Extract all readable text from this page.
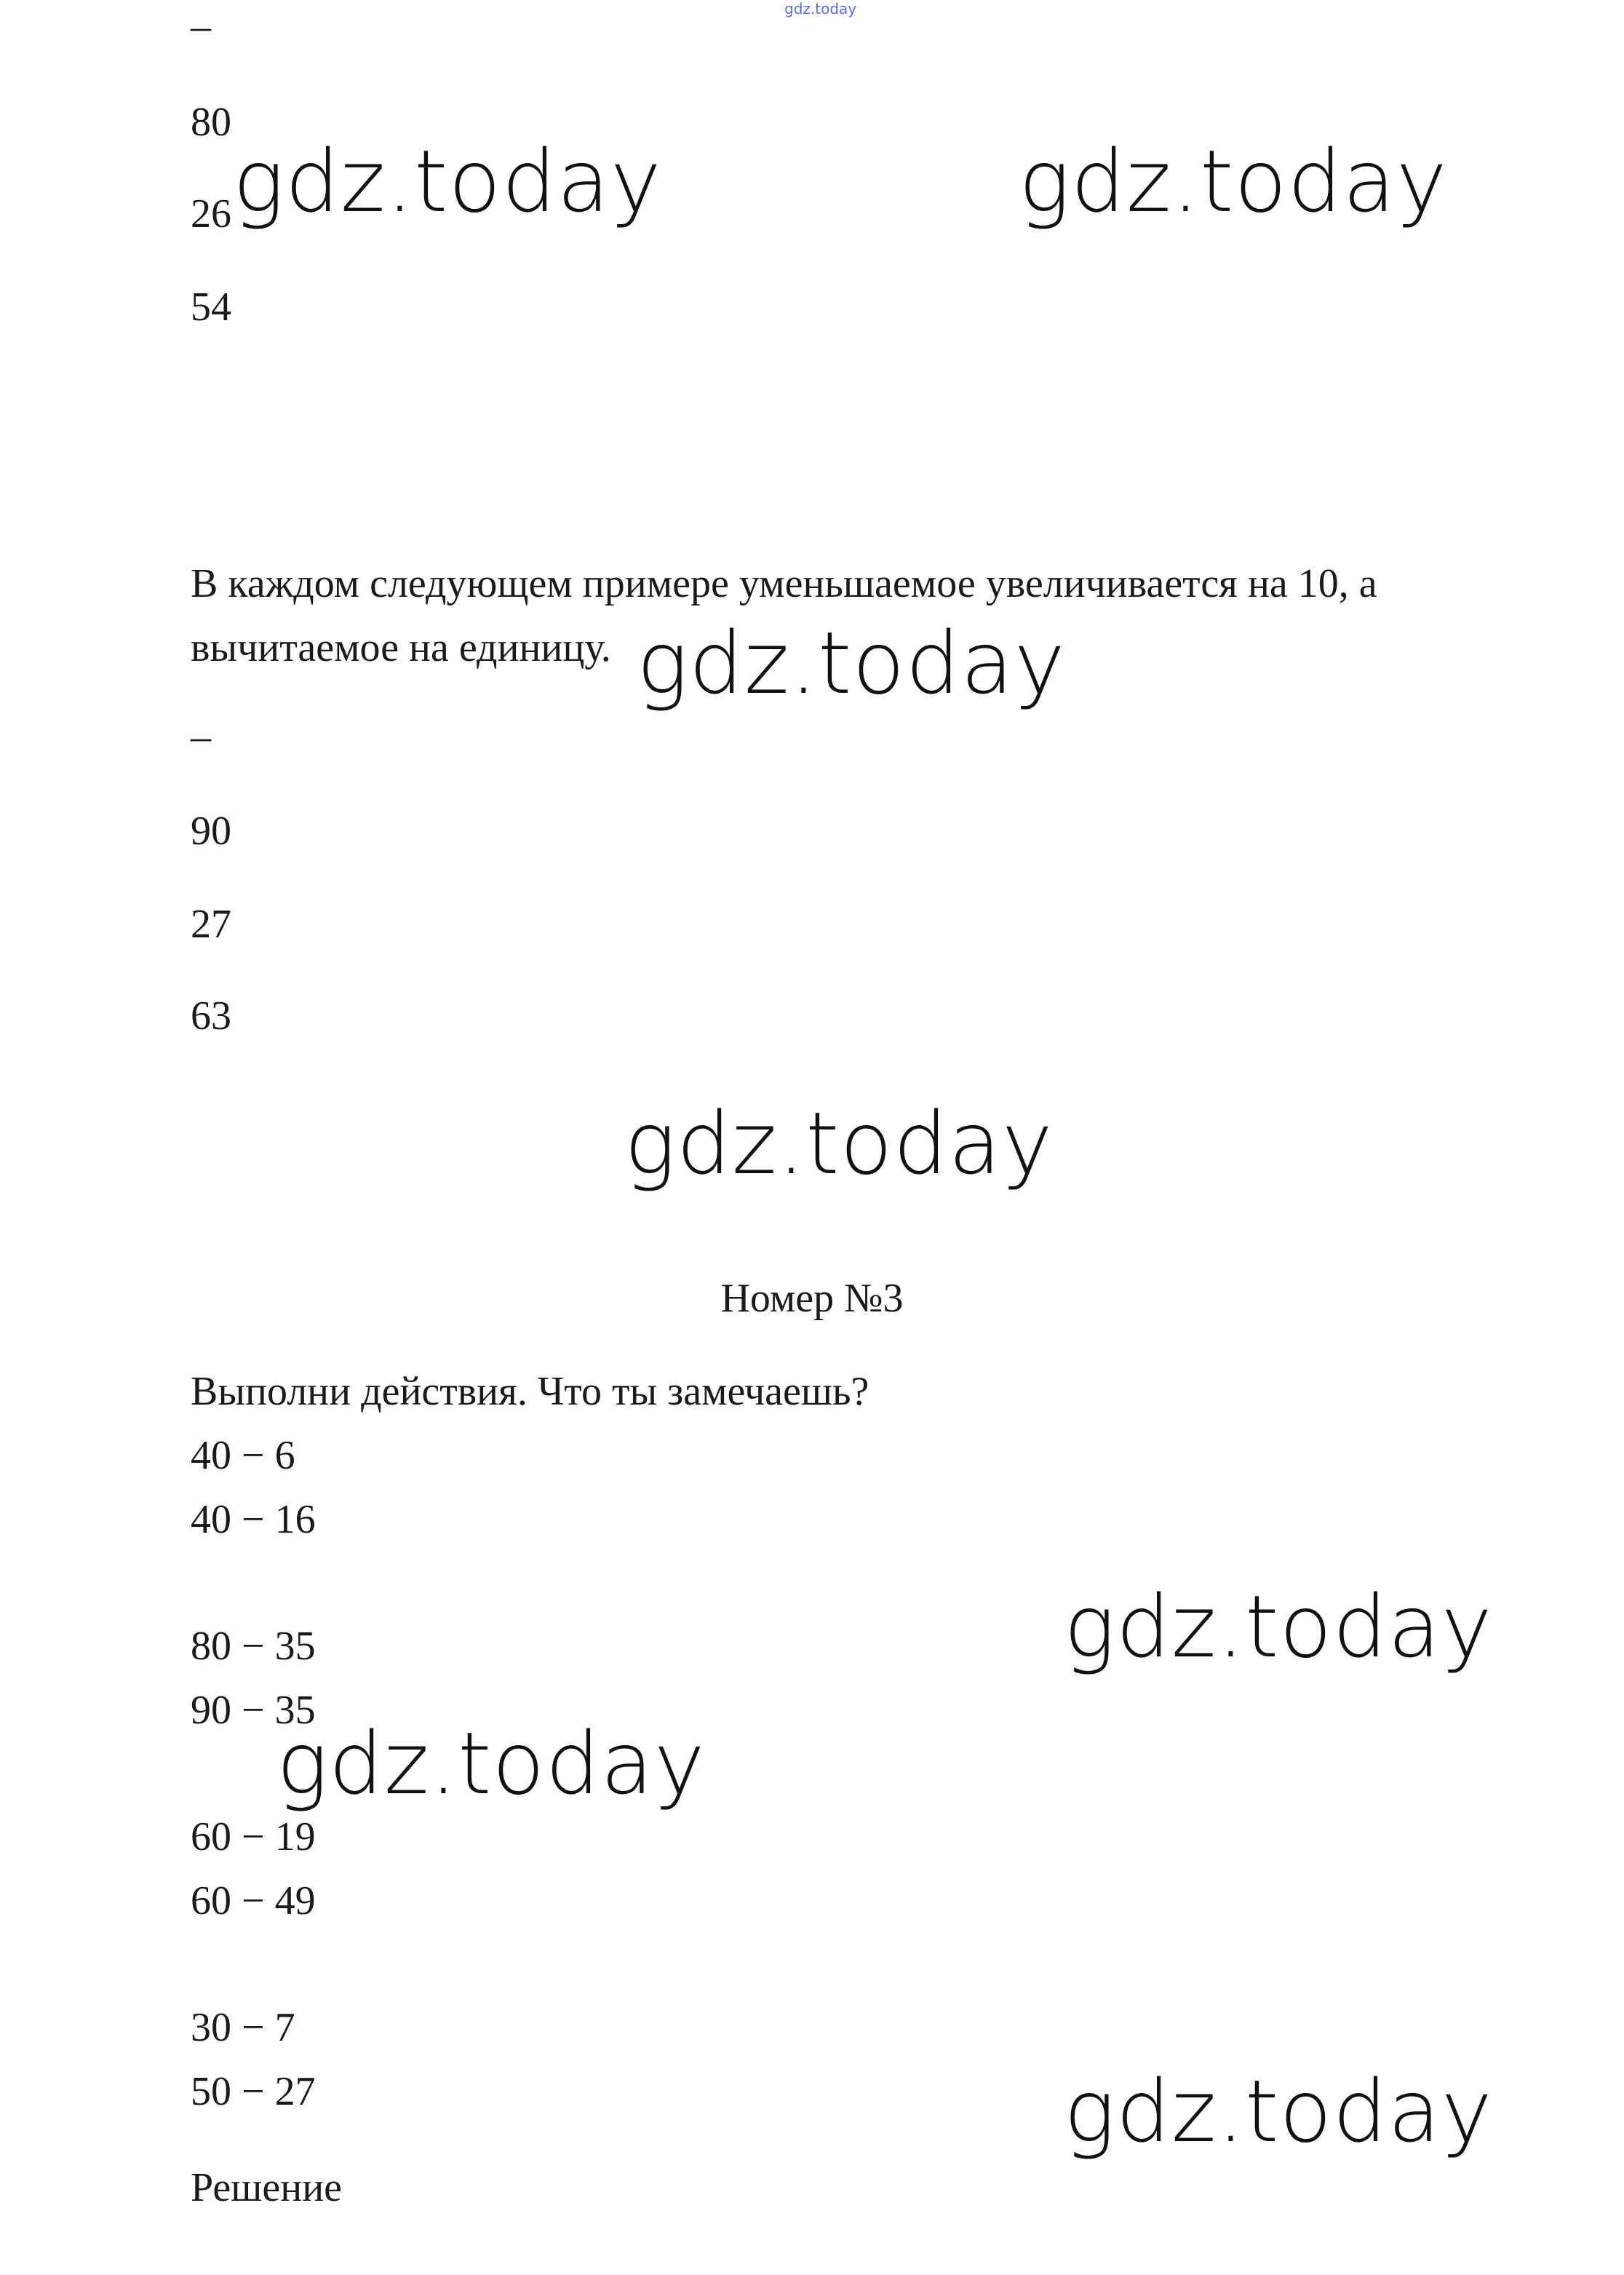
gdz.today
–
80
26
54
В каждом следующем примере уменьшаемое увеличивается на 10, а вычитаемое на единицу.
–
90
27
63
Номер №3
Выполни действия. Что ты замечаешь?
40 − 6
40 − 16
80 − 35
90 − 35
60 − 19
60 − 49
30 − 7
50 − 27
Решение
gdz.today	gdz.today
gdz.today
gdz.today
gdz.today
gdz.today
gdz.today
